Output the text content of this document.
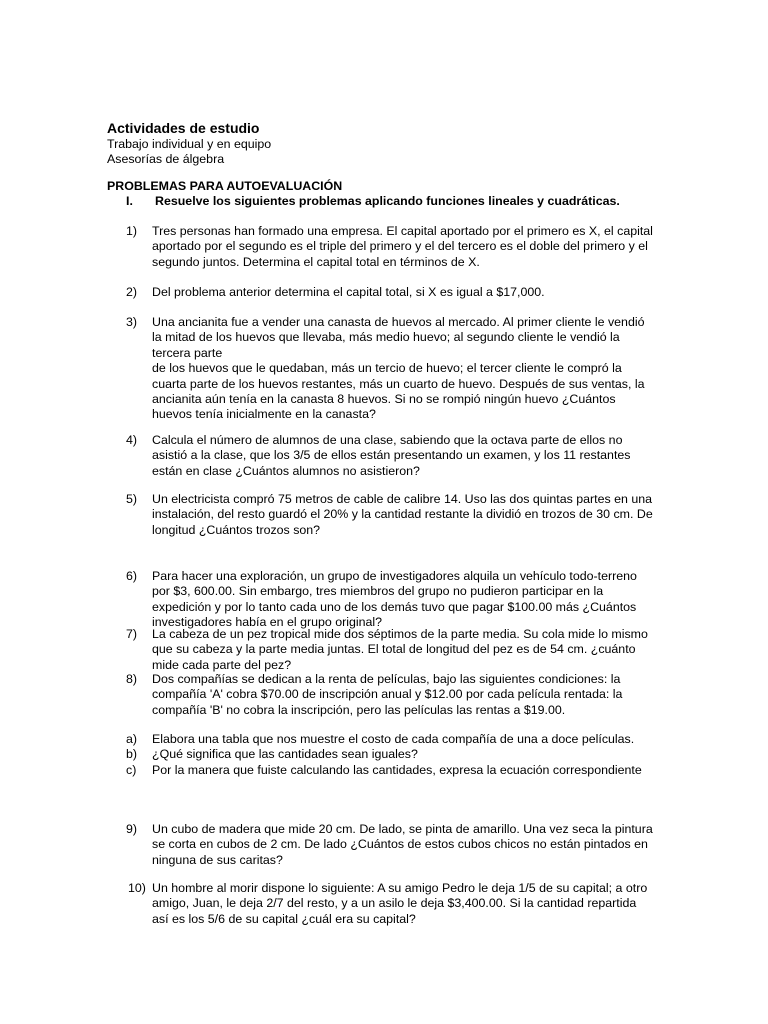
Actividades de estudio
Trabajo individual y en equipo
Asesorías de álgebra
PROBLEMAS PARA AUTOEVALUACIÓN
I. Resuelve los siguientes problemas aplicando funciones lineales y cuadráticas.
1)	Tres personas han formado una empresa. El capital aportado por el primero es X, el capital
aportado por el segundo es el triple del primero y el del tercero es el doble del primero y el
segundo juntos. Determina el capital total en términos de X.
2)	Del problema anterior determina el capital total, si X es igual a $17,000.
3)	Una ancianita fue a vender una canasta de huevos al mercado. Al primer cliente le vendió
la mitad de los huevos que llevaba, más medio huevo; al segundo cliente le vendió la
tercera parte
de los huevos que le quedaban, más un tercio de huevo; el tercer cliente le compró la
cuarta parte de los huevos restantes, más un cuarto de huevo. Después de sus ventas, la
ancianita aún tenía en la canasta 8 huevos. Si no se rompió ningún huevo ¿Cuántos
huevos tenía inicialmente en la canasta?
4)	Calcula el número de alumnos de una clase, sabiendo que la octava parte de ellos no
asistió a la clase, que los 3/5 de ellos están presentando un examen, y los 11 restantes
están en clase ¿Cuántos alumnos no asistieron?
5)	Un electricista compró 75 metros de cable de calibre 14. Uso las dos quintas partes en una
instalación, del resto guardó el 20% y la cantidad restante la dividió en trozos de 30 cm. De
longitud ¿Cuántos trozos son?
6)	Para hacer una exploración, un grupo de investigadores alquila un vehículo todo-terreno
por $3, 600.00. Sin embargo, tres miembros del grupo no pudieron participar en la
expedición y por lo tanto cada uno de los demás tuvo que pagar $100.00 más ¿Cuántos
investigadores había en el grupo original?
7)	La cabeza de un pez tropical mide dos séptimos de la parte media. Su cola mide lo mismo
que su cabeza y la parte media juntas. El total de longitud del pez es de 54 cm. ¿cuánto
mide cada parte del pez?
8)	Dos compañías se dedican a la renta de películas, bajo las siguientes condiciones: la
compañía 'A' cobra $70.00 de inscripción anual y $12.00 por cada película rentada: la
compañía 'B' no cobra la inscripción, pero las películas las rentas a $19.00.
a)	Elabora una tabla que nos muestre el costo de cada compañía de una a doce películas.
b)	¿Qué significa que las cantidades sean iguales?
c)	Por la manera que fuiste calculando las cantidades, expresa la ecuación correspondiente
9)	Un cubo de madera que mide 20 cm. De lado, se pinta de amarillo. Una vez seca la pintura
se corta en cubos de 2 cm. De lado ¿Cuántos de estos cubos chicos no están pintados en
ninguna de sus caritas?
10) Un hombre al morir dispone lo siguiente: A su amigo Pedro le deja 1/5 de su capital; a otro
amigo, Juan, le deja 2/7 del resto, y a un asilo le deja $3,400.00. Si la cantidad repartida
así es los 5/6 de su capital ¿cuál era su capital?
